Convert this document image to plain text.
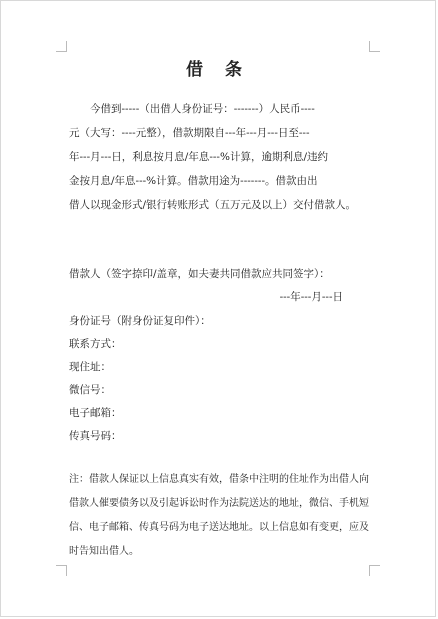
借 条
　　今借到-----（出借人身份证号：-------）人民币----
元（大写：----元整），借款期限自---年---月---日至---
年---月---日，利息按月息/年息---%计算，逾期利息/违约
金按月息/年息---%计算。借款用途为-------。借款由出
借人以现金形式/银行转账形式（五万元及以上）交付借款人。
借款人（签字捺印/盖章，如夫妻共同借款应共同签字）：
---年---月---日
身份证号（附身份证复印件）：
联系方式：
现住址：
微信号：
电子邮箱：
传真号码：
注：借款人保证以上信息真实有效，借条中注明的住址作为出借人向
借款人催要债务以及引起诉讼时作为法院送达的地址，微信、手机短
信、电子邮箱、传真号码为电子送达地址。以上信息如有变更，应及
时告知出借人。
